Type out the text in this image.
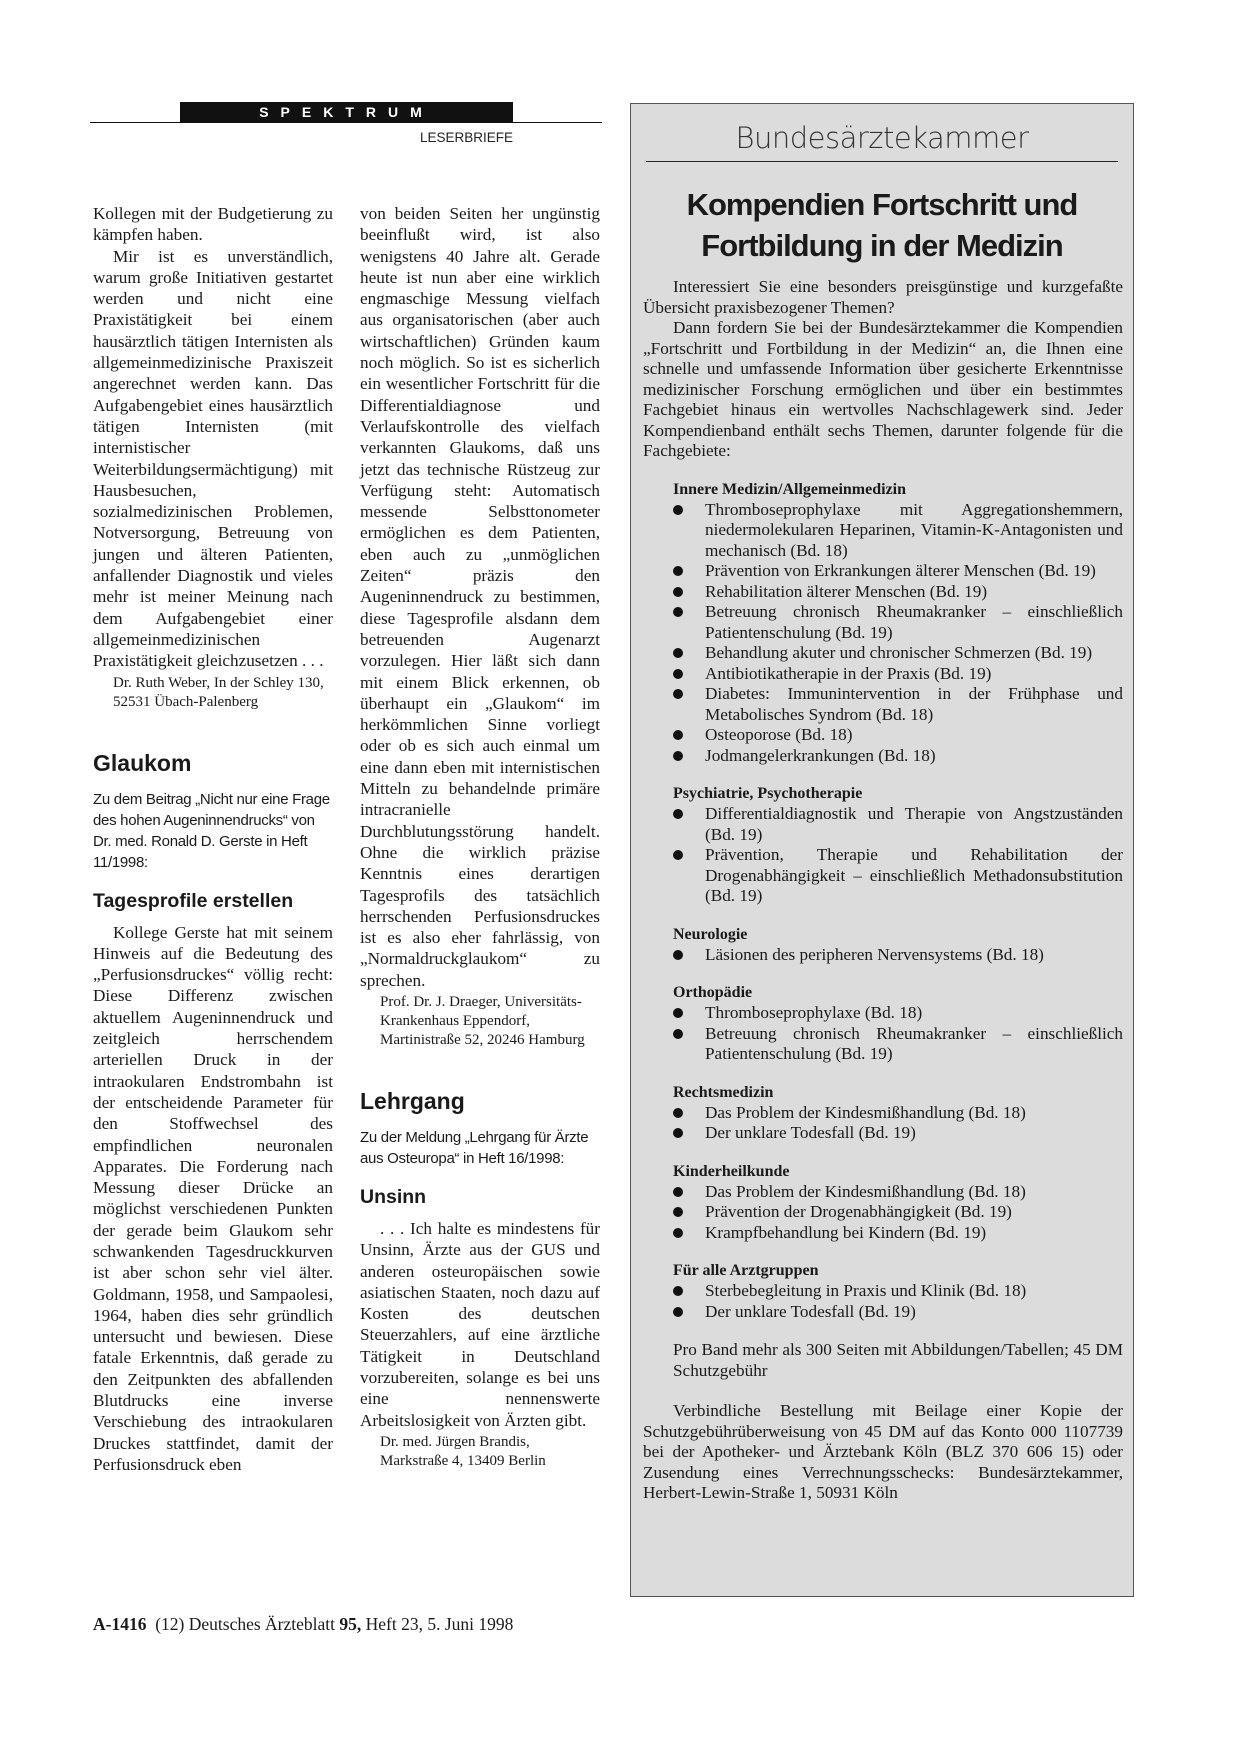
SPEKTRUM
LESERBRIEFE

Kollegen mit der Budgetierung zu kämpfen haben.

Mir ist es unverständlich, warum große Initiativen gestartet werden und nicht eine Praxistätigkeit bei einem hausärztlich tätigen Internisten als allgemeinmedizinische Praxiszeit angerechnet werden kann. Das Aufgabengebiet eines hausärztlich tätigen Internisten (mit internistischer Weiterbildungsermächtigung) mit Hausbesuchen, sozialmedizinischen Problemen, Notversorgung, Betreuung von jungen und älteren Patienten, anfallender Diagnostik und vieles mehr ist meiner Meinung nach dem Aufgabengebiet einer allgemeinmedizinischen Praxistätigkeit gleichzusetzen . . .

Dr. Ruth Weber, In der Schley 130, 52531 Übach-Palenberg
Glaukom

Zu dem Beitrag „Nicht nur eine Frage des hohen Augeninnendrucks“ von Dr. med. Ronald D. Gerste in Heft 11/1998:

Tagesprofile erstellen

Kollege Gerste hat mit seinem Hinweis auf die Bedeutung des „Perfusionsdruckes“ völlig recht: Diese Differenz zwischen aktuellem Augeninnendruck und zeitgleich herrschendem arteriellen Druck in der intraokularen Endstrombahn ist der entscheidende Parameter für den Stoffwechsel des empfindlichen neuronalen Apparates. Die Forderung nach Messung dieser Drücke an möglichst verschiedenen Punkten der gerade beim Glaukom sehr schwankenden Tagesdruckkurven ist aber schon sehr viel älter. Goldmann, 1958, und Sampaolesi, 1964, haben dies sehr gründlich untersucht und bewiesen. Diese fatale Erkenntnis, daß gerade zu den Zeitpunkten des abfallenden Blutdrucks eine inverse Verschiebung des intraokularen Druckes stattfindet, damit der Perfusionsdruck eben

von beiden Seiten her ungünstig beeinflußt wird, ist also wenigstens 40 Jahre alt. Gerade heute ist nun aber eine wirklich engmaschige Messung vielfach aus organisatorischen (aber auch wirtschaftlichen) Gründen kaum noch möglich. So ist es sicherlich ein wesentlicher Fortschritt für die Differentialdiagnose und Verlaufskontrolle des vielfach verkannten Glaukoms, daß uns jetzt das technische Rüstzeug zur Verfügung steht: Automatisch messende Selbsttonometer ermöglichen es dem Patienten, eben auch zu „unmöglichen Zeiten“ präzis den Augeninnendruck zu bestimmen, diese Tagesprofile alsdann dem betreuenden Augenarzt vorzulegen. Hier läßt sich dann mit einem Blick erkennen, ob überhaupt ein „Glaukom“ im herkömmlichen Sinne vorliegt oder ob es sich auch einmal um eine dann eben mit internistischen Mitteln zu behandelnde primäre intracranielle Durchblutungsstörung handelt. Ohne die wirklich präzise Kenntnis eines derartigen Tagesprofils des tatsächlich herrschenden Perfusionsdruckes ist es also eher fahrlässig, von „Normaldruckglaukom“ zu sprechen.

Prof. Dr. J. Draeger, Universitäts-Krankenhaus Eppendorf, Martinistraße 52, 20246 Hamburg
Lehrgang

Zu der Meldung „Lehrgang für Ärzte aus Osteuropa“ in Heft 16/1998:

Unsinn

. . . Ich halte es mindestens für Unsinn, Ärzte aus der GUS und anderen osteuropäischen sowie asiatischen Staaten, noch dazu auf Kosten des deutschen Steuerzahlers, auf eine ärztliche Tätigkeit in Deutschland vorzubereiten, solange es bei uns eine nennenswerte Arbeitslosigkeit von Ärzten gibt.

Dr. med. Jürgen Brandis, Markstraße 4, 13409 Berlin
Bundesärztekammer
Kompendien Fortschritt und
Fortbildung in der Medizin

Interessiert Sie eine besonders preisgünstige und kurzgefaßte Übersicht praxisbezogener Themen?

Dann fordern Sie bei der Bundesärztekammer die Kompendien „Fortschritt und Fortbildung in der Medizin“ an, die Ihnen eine schnelle und umfassende Information über gesicherte Erkenntnisse medizinischer Forschung ermöglichen und über ein bestimmtes Fachgebiet hinaus ein wertvolles Nachschlagewerk sind. Jeder Kompendienband enthält sechs Themen, darunter folgende für die Fachgebiete:

Innere Medizin/Allgemeinmedizin
Thromboseprophylaxe mit Aggregationshemmern, niedermolekularen Heparinen, Vitamin-K-Antagonisten und mechanisch (Bd. 18)
Prävention von Erkrankungen älterer Menschen (Bd. 19)
Rehabilitation älterer Menschen (Bd. 19)
Betreuung chronisch Rheumakranker – einschließlich Patientenschulung (Bd. 19)
Behandlung akuter und chronischer Schmerzen (Bd. 19)
Antibiotikatherapie in der Praxis (Bd. 19)
Diabetes: Immunintervention in der Frühphase und Metabolisches Syndrom (Bd. 18)
Osteoporose (Bd. 18)
Jodmangelerkrankungen (Bd. 18)
Psychiatrie, Psychotherapie
Differentialdiagnostik und Therapie von Angstzuständen (Bd. 19)
Prävention, Therapie und Rehabilitation der Drogenabhängigkeit – einschließlich Methadonsubstitution (Bd. 19)
Neurologie
Läsionen des peripheren Nervensystems (Bd. 18)
Orthopädie
Thromboseprophylaxe (Bd. 18)
Betreuung chronisch Rheumakranker – einschließlich Patientenschulung (Bd. 19)
Rechtsmedizin
Das Problem der Kindesmißhandlung (Bd. 18)
Der unklare Todesfall (Bd. 19)
Kinderheilkunde
Das Problem der Kindesmißhandlung (Bd. 18)
Prävention der Drogenabhängigkeit (Bd. 19)
Krampfbehandlung bei Kindern (Bd. 19)
Für alle Arztgruppen
Sterbebegleitung in Praxis und Klinik (Bd. 18)
Der unklare Todesfall (Bd. 19)

Pro Band mehr als 300 Seiten mit Abbildungen/Tabellen; 45 DM Schutzgebühr

Verbindliche Bestellung mit Beilage einer Kopie der Schutzgebührüberweisung von 45 DM auf das Konto 000 1107739 bei der Apotheker- und Ärztebank Köln (BLZ 370 606 15) oder Zusendung eines Verrechnungsschecks: Bundesärztekammer, Herbert-Lewin-Straße 1, 50931 Köln

A-1416 (12) Deutsches Ärzteblatt 95, Heft 23, 5. Juni 1998
